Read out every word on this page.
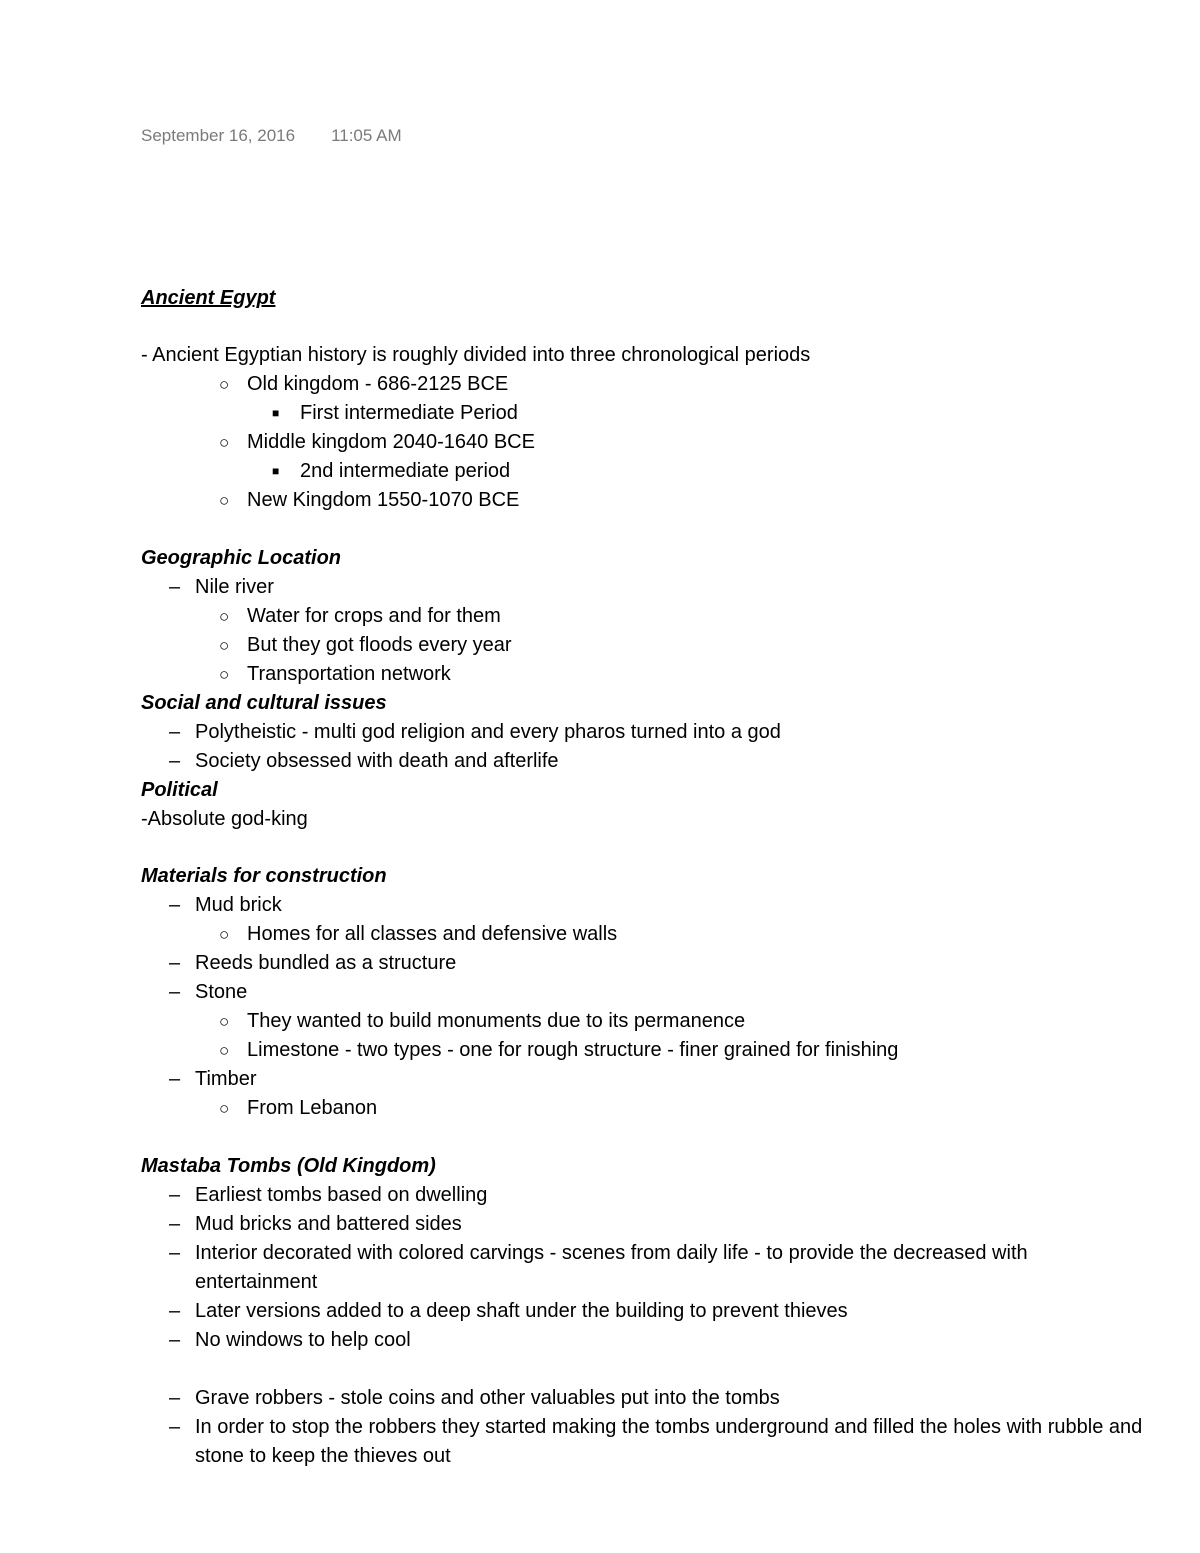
September 16, 2016 11:05 AM
Ancient Egypt
- Ancient Egyptian history is roughly divided into three chronological periods
○ Old kingdom - 686-2125 BCE
■ First intermediate Period
○ Middle kingdom 2040-1640 BCE
■ 2nd intermediate period
○ New Kingdom 1550-1070 BCE
Geographic Location
– Nile river
○ Water for crops and for them
○ But they got floods every year
○ Transportation network
Social and cultural issues
– Polytheistic - multi god religion and every pharos turned into a god
– Society obsessed with death and afterlife
Political
-Absolute god-king
Materials for construction
– Mud brick
○ Homes for all classes and defensive walls
– Reeds bundled as a structure
– Stone
○ They wanted to build monuments due to its permanence
○ Limestone - two types - one for rough structure - finer grained for finishing
– Timber
○ From Lebanon
Mastaba Tombs (Old Kingdom)
– Earliest tombs based on dwelling
– Mud bricks and battered sides
– Interior decorated with colored carvings - scenes from daily life - to provide the decreased with entertainment
– Later versions added to a deep shaft under the building to prevent thieves
– No windows to help cool
– Grave robbers - stole coins and other valuables put into the tombs
– In order to stop the robbers they started making the tombs underground and filled the holes with rubble and stone to keep the thieves out
